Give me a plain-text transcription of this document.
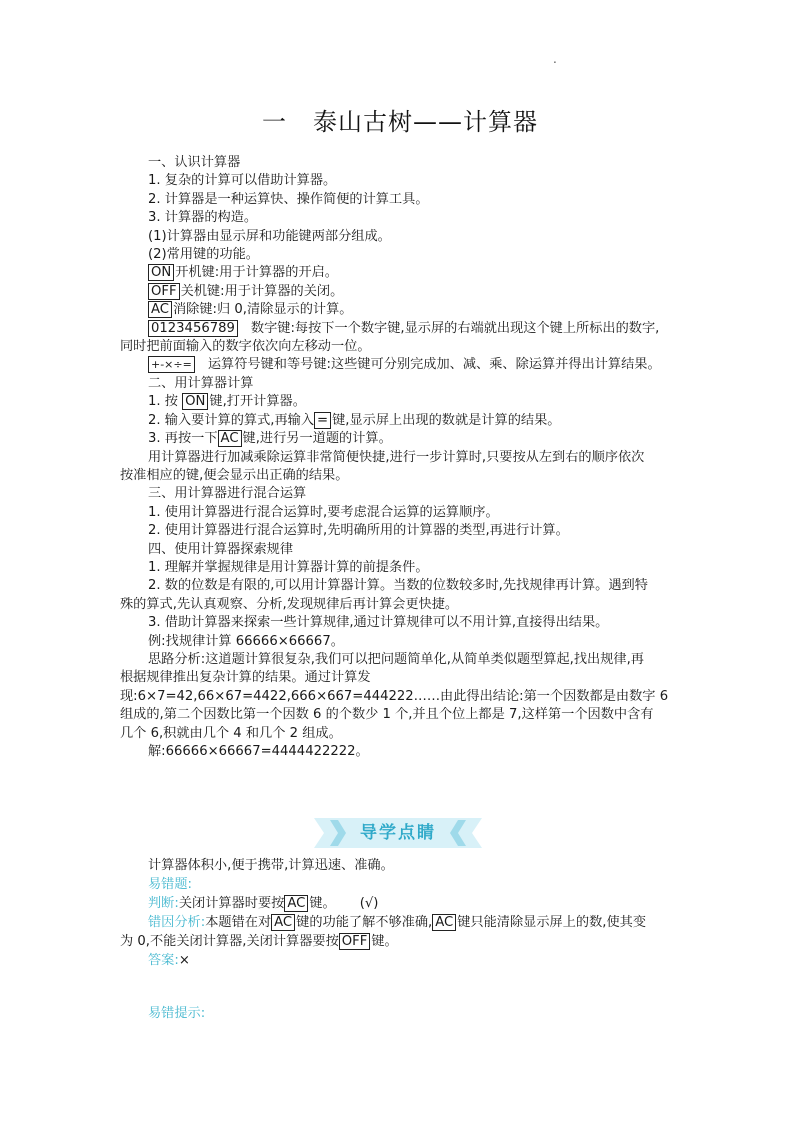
.
一 泰山古树——计算器

一、认识计算器

1. 复杂的计算可以借助计算器。

2. 计算器是一种运算快、操作简便的计算工具。

3. 计算器的构造。

(1)计算器由显示屏和功能键两部分组成。

(2)常用键的功能。

ON 开机键:用于计算器的开启。

OFF 关机键:用于计算器的关闭。

AC 消除键:归 0,清除显示的计算。

0123456789 数字键:每按下一个数字键,显示屏的右端就出现这个键上所标出的数字,

同时把前面输入的数字依次向左移动一位。

+-×÷= 运算符号键和等号键:这些键可分别完成加、减、乘、除运算并得出计算结果。

二、用计算器计算

1. 按 ON 键,打开计算器。

2. 输入要计算的算式,再输入 = 键,显示屏上出现的数就是计算的结果。

3. 再按一下 AC 键,进行另一道题的计算。

用计算器进行加减乘除运算非常简便快捷,进行一步计算时,只要按从左到右的顺序依次

按准相应的键,便会显示出正确的结果。

三、用计算器进行混合运算

1. 使用计算器进行混合运算时,要考虑混合运算的运算顺序。

2. 使用计算器进行混合运算时,先明确所用的计算器的类型,再进行计算。

四、使用计算器探索规律

1. 理解并掌握规律是用计算器计算的前提条件。

2. 数的位数是有限的,可以用计算器计算。当数的位数较多时,先找规律再计算。遇到特

殊的算式,先认真观察、分析,发现规律后再计算会更快捷。

3. 借助计算器来探索一些计算规律,通过计算规律可以不用计算,直接得出结果。

例:找规律计算 66666×66667。

思路分析:这道题计算很复杂,我们可以把问题简单化,从简单类似题型算起,找出规律,再

根据规律推出复杂计算的结果。通过计算发

现:6×7=42,66×67=4422,666×667=444222……由此得出结论:第一个因数都是由数字 6

组成的,第二个因数比第一个因数 6 的个数少 1 个,并且个位上都是 7,这样第一个因数中含有

几个 6,积就由几个 4 和几个 2 组成。

解:66666×66667=4444422222。

导学点睛

计算器体积小,便于携带,计算迅速、准确。

易错题:

判断:关闭计算器时要按 AC 键。 (√)

错因分析:本题错在对 AC 键的功能了解不够准确, AC 键只能清除显示屏上的数,使其变

为 0,不能关闭计算器,关闭计算器要按 OFF 键。

答案:×

易错提示:
